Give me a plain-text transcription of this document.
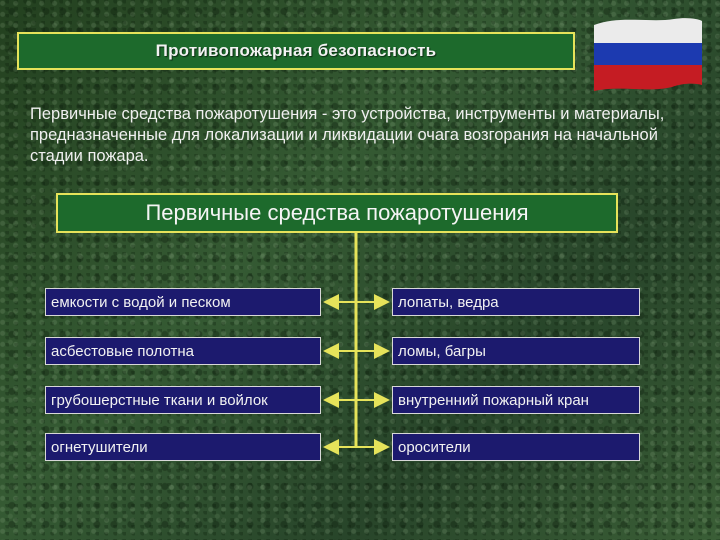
Противопожарная безопасность
Первичные средства пожаротушения - это устройства, инструменты и материалы, предназначенные для локализации и ликвидации очага возгорания на начальной стадии пожара.
Первичные средства пожаротушения
емкости с водой и песком
асбестовые полотна
грубошерстные ткани и войлок
огнетушители
лопаты, ведра
ломы, багры
внутренний пожарный кран
оросители
